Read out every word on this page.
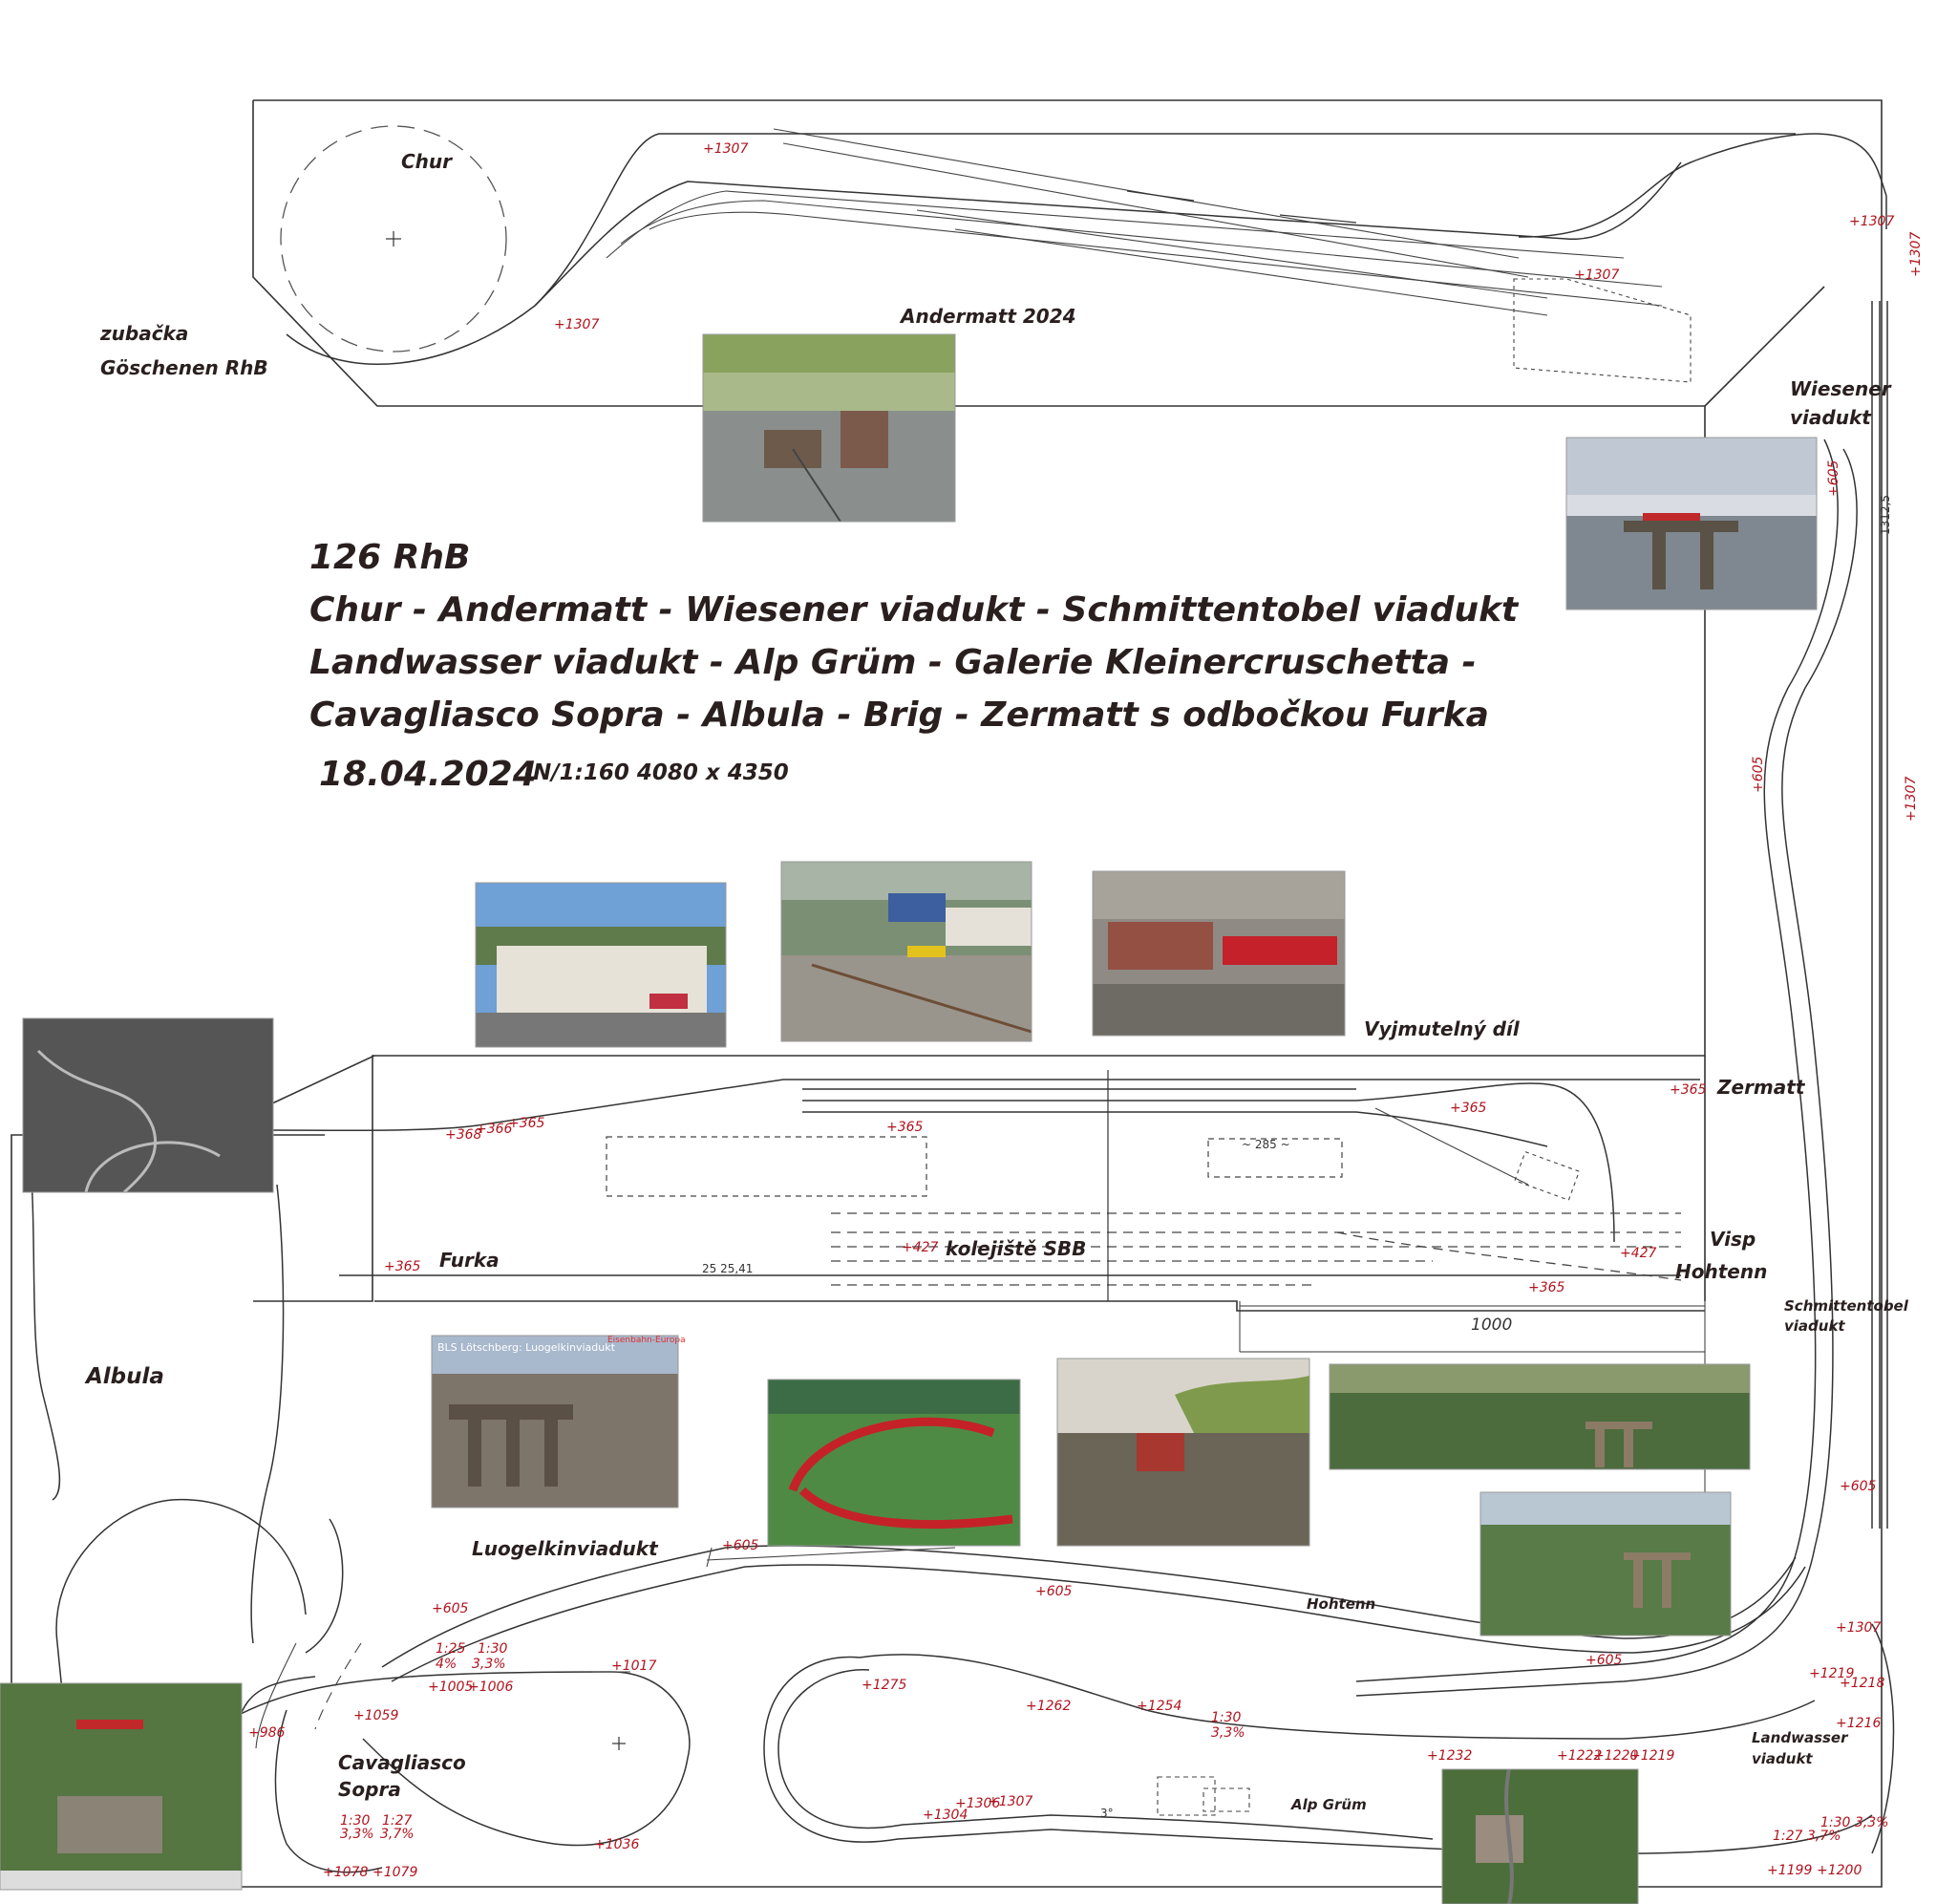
BLS Lötschberg: Luogelkinviadukt
Eisenbahn-Europa
126 RhB
Chur - Andermatt - Wiesener viadukt - Schmittentobel viadukt
Landwasser viadukt - Alp Grüm - Galerie Kleinercruschetta -
Cavagliasco Sopra - Albula - Brig - Zermatt s odbočkou Furka
18.04.2024
N/1:160 4080 x 4350
Chur
zubačka
Göschenen RhB
Andermatt 2024
Wiesener
viadukt
Vyjmutelný díl
Zermatt
Furka	kolejiště SBB	Visp
Hohtenn
Schmittentobel
viadukt
Albula
Luogelkinviadukt
Hohtenn
Cavagliasco
Sopra
Alp Grüm
Landwasser
viadukt
1000
~ 285 ~
25 25,41
1312,5
+1307
+1307
+1307
+1307
+1307
+1307
+605
+605
+605
+605
+605
+605
+605
+365
+365
+365
+365
+365
+365
+368
+366
+427	+427
+1017
+1059
+1005
+1006
+986
+1036
+1078 +1079
+1275
+1262	+1254
+1232	+1222
+1220
+1219
+1219
+1218
+1216
+1307
+1304
+1306
+1307
+1199 +1200
1:25
4%
1:30
3,3%
1:30
3,3%
1:30
3,3%
1:27
3,7%
3°
1:27 3,7%
1:30 3,3%
